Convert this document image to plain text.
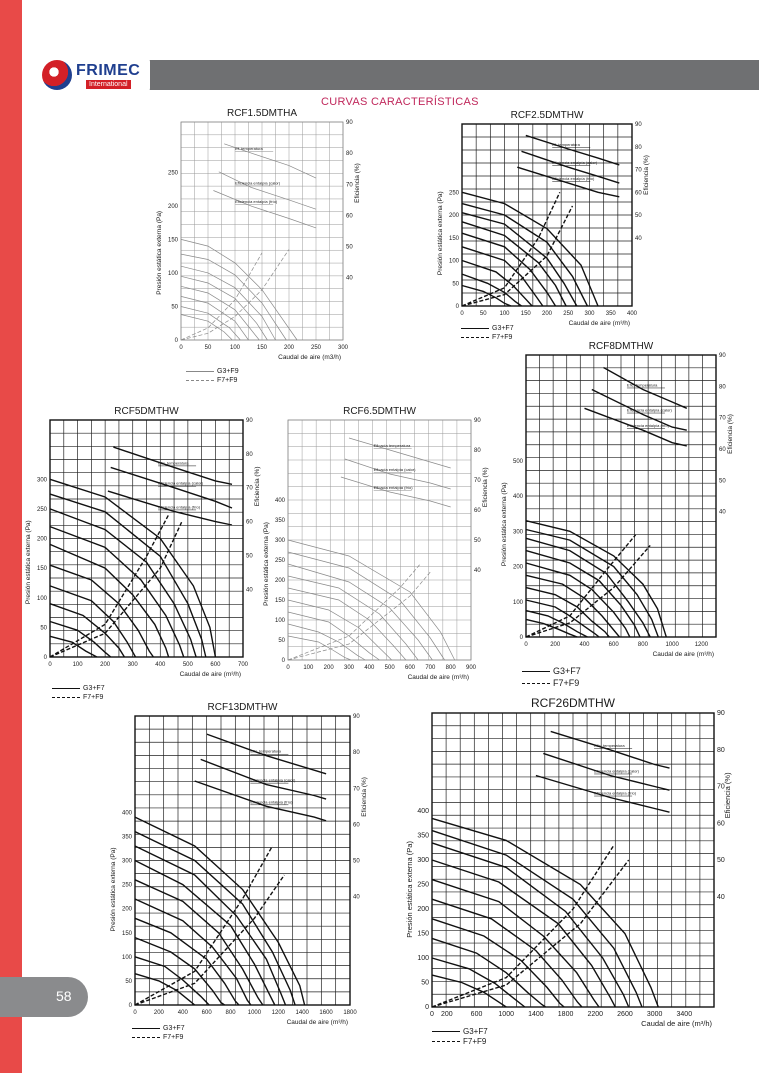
FRIMEC
International
CURVAS CARACTERÍSTICAS
58
0	50	100	150	200	250	300
0
50
100
150
200
250
40
50
60
70
80
90
RCF1.5DMTHA
Caudal de aire (m3/h)
Presión estática externa (Pa)
Eficiencia (%)
Ef. temperatura
Eficiencia entalpía (calor)
Eficiencia entalpía (frío)
0	50 100 150 200 250 300 350 400
0
50
100
150
200
250
40
50
60
70
80
90
RCF2.5DMTHW
Caudal de aire (m³/h)
Presión estática externa (Pa)
Eficiencia (%)
Ef. temperatura
Eficiencia entalpía (calor)
Eficiencia entalpía (frío)
0	200	400	600	800	1000	1200
0
100
200
300
400
500
40
50
60
70
80
90
RCF8DMTHW
Caudal de aire (m³/h)
Presión estática externa (Pa)
Eficiencia (%)
Efic. temperatura
Eficiencia entalpía (calor)
Eficiencia entalpía (frío)
0	100	200	300	400	500	600	700
0
50
100
150
200
250
300
40
50
60
70
80
90
RCF5DMTHW
Caudal de aire (m³/h)
Presión estática externa (Pa)
Eficiencia (%)
Efic. temperatura
Eficiencia entalpía (calor)
Eficiencia entalpía (frío)
0 100 200 300 400 500 600 700 800 900
0
50
100
150
200
250
300
350
400
40
50
60
70
80
90
RCF6.5DMTHW
Caudal de aire (m³/h)
Presión estática externa (Pa)
Eficiencia (%)
Eficacia temperatura
Eficacia entalpía (calor)
Eficacia entalpía (frío)
0	200 400 600 800 1000 1200 1400 1600 1800
0
50
100
150
200
250
300
350
400
40
50
60
70
80
90
RCF13DMTHW
Caudal de aire (m³/h)
Presión estática externa (Pa)
Eficiencia (%)
Efic. temperatura
Eficiencia entalpía (calor)
Eficiencia entalpía (frío)
0 200	600 1000 1400 1800 2200 2600 3000 3400
0
50
100
150
200
250
300
350
400
40
50
60
70
80
90
RCF26DMTHW
Caudal de aire (m³/h)
Presión estática externa (Pa)
Eficiencia (%)
Efic. temperatura
Eficiencia entalpía (calor)
Eficiencia entalpía (frío)
G3+F9
F7+F9
G3+F7
F7+F9
G3+F7
F7+F9
G3+F7
F7+F9
G3+F7
F7+F9
G3+F7
F7+F9
